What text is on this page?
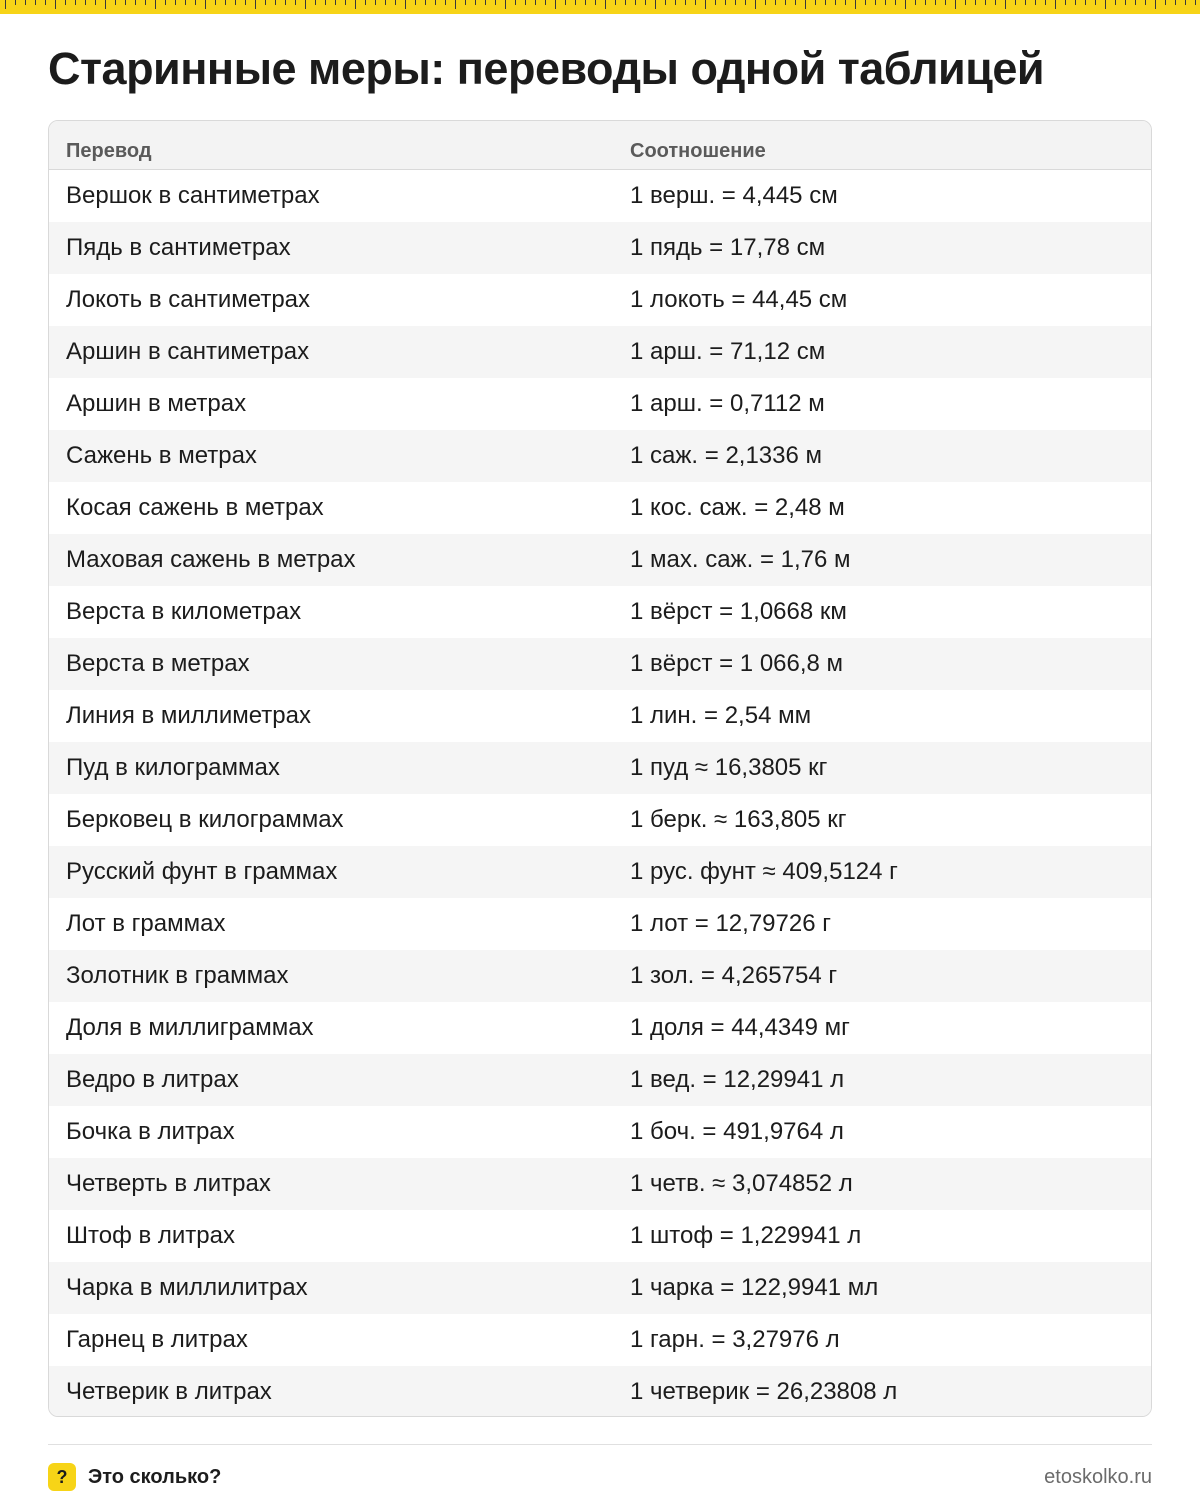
Старинные меры: переводы одной таблицей
Перевод	Соотношение
Вершок в сантиметрах	1 верш. = 4,445 см
Пядь в сантиметрах	1 пядь = 17,78 см
Локоть в сантиметрах	1 локоть = 44,45 см
Аршин в сантиметрах	1 арш. = 71,12 см
Аршин в метрах	1 арш. = 0,7112 м
Сажень в метрах	1 саж. = 2,1336 м
Косая сажень в метрах	1 кос. саж. = 2,48 м
Маховая сажень в метрах	1 мах. саж. = 1,76 м
Верста в километрах	1 вёрст = 1,0668 км
Верста в метрах	1 вёрст = 1 066,8 м
Линия в миллиметрах	1 лин. = 2,54 мм
Пуд в килограммах	1 пуд ≈ 16,3805 кг
Берковец в килограммах	1 берк. ≈ 163,805 кг
Русский фунт в граммах	1 рус. фунт ≈ 409,5124 г
Лот в граммах	1 лот = 12,79726 г
Золотник в граммах	1 зол. = 4,265754 г
Доля в миллиграммах	1 доля = 44,4349 мг
Ведро в литрах	1 вед. = 12,29941 л
Бочка в литрах	1 боч. = 491,9764 л
Четверть в литрах	1 четв. ≈ 3,074852 л
Штоф в литрах	1 штоф = 1,229941 л
Чарка в миллилитрах	1 чарка = 122,9941 мл
Гарнец в литрах	1 гарн. = 3,27976 л
Четверик в литрах	1 четверик = 26,23808 л
?	Это сколько?	etoskolko.ru
